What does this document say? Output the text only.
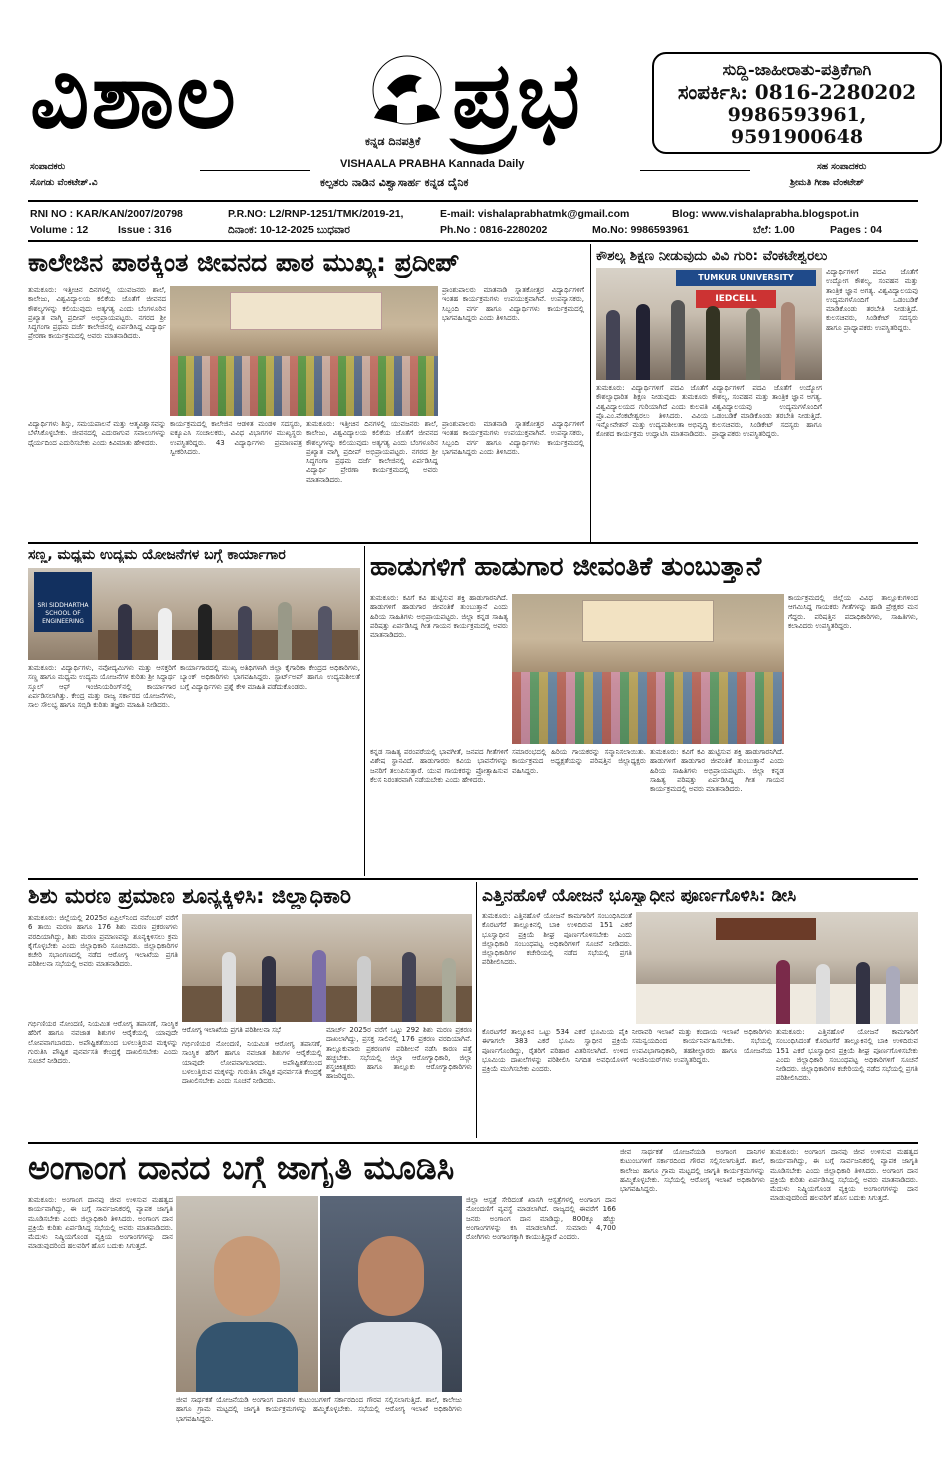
ವಿಶಾಲ ಪ್ರಭ
ಕನ್ನಡ ದಿನಪತ್ರಿಕೆ
VISHAALA PRABHA Kannada Daily
ಕಲ್ಪತರು ನಾಡಿನ ವಿಶ್ವಾಸಾರ್ಹ ಕನ್ನಡ ದೈನಿಕ
ಸುದ್ದಿ-ಜಾಹೀರಾತು-ಪತ್ರಿಕೆಗಾಗಿ
ಸಂಪರ್ಕಿಸಿ: 0816-2280202
9986593961, 9591900648
ಸಂಪಾದಕರು
ಸೊಗಡು ವೆಂಕಟೇಶ್.ವಿ
ಸಹ ಸಂಪಾದಕರು
ಶ್ರೀಮತಿ ಗೀತಾ ವೆಂಕಟೇಶ್
RNI NO : KAR/KAN/2007/20798	P.R.NO: L2/RNP-1251/TMK/2019-21,	E-mail: vishalaprabhatmk@gmail.com	Blog: www.vishalaprabha.blogspot.in
Volume : 12	Issue : 316	ದಿನಾಂಕ: 10-12-2025 ಬುಧವಾರ	Ph.No : 0816-2280202	Mo.No: 9986593961	ಬೆಲೆ: 1.00	Pages : 04
ಕಾಲೇಜಿನ ಪಾಠಕ್ಕಿಂತ ಜೀವನದ ಪಾಠ ಮುಖ್ಯ: ಪ್ರದೀಪ್
ತುಮಕೂರು: ಇತ್ತೀಚಿನ ದಿನಗಳಲ್ಲಿ ಯುವಜನರು ಶಾಲೆ, ಕಾಲೇಜು, ವಿಶ್ವವಿದ್ಯಾಲಯ ಕಲಿಕೆಯ ಜೊತೆಗೆ ಜೀವನದ ಕೌಶಲ್ಯಗಳನ್ನು ಕಲಿಯುವುದು ಅತ್ಯಗತ್ಯ ಎಂದು ಬೆಂಗಳೂರಿನ ಪ್ರಖ್ಯಾತ ವಾಗ್ಮಿ ಪ್ರದೀಪ್ ಅಭಿಪ್ರಾಯಪಟ್ಟರು. ನಗರದ ಶ್ರೀ ಸಿದ್ಧಗಂಗಾ ಪ್ರಥಮ ದರ್ಜೆ ಕಾಲೇಜಿನಲ್ಲಿ ಏರ್ಪಡಿಸಿದ್ದ ವಿದ್ಯಾರ್ಥಿ ಪ್ರೇರಣಾ ಕಾರ್ಯಕ್ರಮದಲ್ಲಿ ಅವರು ಮಾತನಾಡಿದರು.
ಪ್ರಾಂಶುಪಾಲರು ಮಾತನಾಡಿ ಸ್ನಾತಕೋತ್ತರ ವಿದ್ಯಾರ್ಥಿಗಳಿಗೆ ಇಂತಹ ಕಾರ್ಯಕ್ರಮಗಳು ಉಪಯುಕ್ತವಾಗಿವೆ. ಉಪನ್ಯಾಸಕರು, ಸಿಬ್ಬಂದಿ ವರ್ಗ ಹಾಗೂ ವಿದ್ಯಾರ್ಥಿಗಳು ಕಾರ್ಯಕ್ರಮದಲ್ಲಿ ಭಾಗವಹಿಸಿದ್ದರು ಎಂದು ತಿಳಿಸಿದರು.
ವಿದ್ಯಾರ್ಥಿಗಳು ಶಿಸ್ತು, ಸಮಯಪಾಲನೆ ಮತ್ತು ಆತ್ಮವಿಶ್ವಾಸವನ್ನು ಬೆಳೆಸಿಕೊಳ್ಳಬೇಕು. ಜೀವನದಲ್ಲಿ ಎದುರಾಗುವ ಸವಾಲುಗಳನ್ನು ಧೈರ್ಯದಿಂದ ಎದುರಿಸಬೇಕು ಎಂದು ಕಿವಿಮಾತು ಹೇಳಿದರು.
ಕಾರ್ಯಕ್ರಮದಲ್ಲಿ ಕಾಲೇಜಿನ ಆಡಳಿತ ಮಂಡಳಿ ಸದಸ್ಯರು, ಐಕ್ಯೂಎಸಿ ಸಂಚಾಲಕರು, ವಿವಿಧ ವಿಭಾಗಗಳ ಮುಖ್ಯಸ್ಥರು ಉಪಸ್ಥಿತರಿದ್ದರು. 43 ವಿದ್ಯಾರ್ಥಿಗಳು ಪ್ರಮಾಣಪತ್ರ ಸ್ವೀಕರಿಸಿದರು.
ತುಮಕೂರು: ಇತ್ತೀಚಿನ ದಿನಗಳಲ್ಲಿ ಯುವಜನರು ಶಾಲೆ, ಕಾಲೇಜು, ವಿಶ್ವವಿದ್ಯಾಲಯ ಕಲಿಕೆಯ ಜೊತೆಗೆ ಜೀವನದ ಕೌಶಲ್ಯಗಳನ್ನು ಕಲಿಯುವುದು ಅತ್ಯಗತ್ಯ ಎಂದು ಬೆಂಗಳೂರಿನ ಪ್ರಖ್ಯಾತ ವಾಗ್ಮಿ ಪ್ರದೀಪ್ ಅಭಿಪ್ರಾಯಪಟ್ಟರು. ನಗರದ ಶ್ರೀ ಸಿದ್ಧಗಂಗಾ ಪ್ರಥಮ ದರ್ಜೆ ಕಾಲೇಜಿನಲ್ಲಿ ಏರ್ಪಡಿಸಿದ್ದ ವಿದ್ಯಾರ್ಥಿ ಪ್ರೇರಣಾ ಕಾರ್ಯಕ್ರಮದಲ್ಲಿ ಅವರು ಮಾತನಾಡಿದರು.
ಪ್ರಾಂಶುಪಾಲರು ಮಾತನಾಡಿ ಸ್ನಾತಕೋತ್ತರ ವಿದ್ಯಾರ್ಥಿಗಳಿಗೆ ಇಂತಹ ಕಾರ್ಯಕ್ರಮಗಳು ಉಪಯುಕ್ತವಾಗಿವೆ. ಉಪನ್ಯಾಸಕರು, ಸಿಬ್ಬಂದಿ ವರ್ಗ ಹಾಗೂ ವಿದ್ಯಾರ್ಥಿಗಳು ಕಾರ್ಯಕ್ರಮದಲ್ಲಿ ಭಾಗವಹಿಸಿದ್ದರು ಎಂದು ತಿಳಿಸಿದರು.
ಕೌಶಲ್ಯ ಶಿಕ್ಷಣ ನೀಡುವುದು ವಿವಿ ಗುರಿ: ವೆಂಕಟೇಶ್ವರಲು
TUMKUR UNIVERSITY
IEDCELL
ವಿದ್ಯಾರ್ಥಿಗಳಿಗೆ ಪದವಿ ಜೊತೆಗೆ ಉದ್ಯೋಗ ಕೌಶಲ್ಯ, ಸಂವಹನ ಮತ್ತು ತಾಂತ್ರಿಕ ಜ್ಞಾನ ಅಗತ್ಯ. ವಿಶ್ವವಿದ್ಯಾಲಯವು ಉದ್ಯಮಗಳೊಂದಿಗೆ ಒಡಂಬಡಿಕೆ ಮಾಡಿಕೊಂಡು ತರಬೇತಿ ನೀಡುತ್ತಿದೆ. ಕುಲಸಚಿವರು, ಸಿಂಡಿಕೇಟ್ ಸದಸ್ಯರು ಹಾಗೂ ಪ್ರಾಧ್ಯಾಪಕರು ಉಪಸ್ಥಿತರಿದ್ದರು.
ತುಮಕೂರು: ವಿದ್ಯಾರ್ಥಿಗಳಿಗೆ ಪದವಿ ಜೊತೆಗೆ ಕೌಶಲ್ಯಾಧಾರಿತ ಶಿಕ್ಷಣ ನೀಡುವುದು ತುಮಕೂರು ವಿಶ್ವವಿದ್ಯಾಲಯದ ಗುರಿಯಾಗಿದೆ ಎಂದು ಕುಲಪತಿ ಪ್ರೊ.ಎಂ.ವೆಂಕಟೇಶ್ವರಲು ತಿಳಿಸಿದರು. ವಿವಿಯ ಇನ್ನೋವೇಶನ್ ಮತ್ತು ಉದ್ಯಮಶೀಲತಾ ಅಭಿವೃದ್ಧಿ ಕೋಶದ ಕಾರ್ಯಕ್ರಮ ಉದ್ಘಾಟಿಸಿ ಮಾತನಾಡಿದರು.
ವಿದ್ಯಾರ್ಥಿಗಳಿಗೆ ಪದವಿ ಜೊತೆಗೆ ಉದ್ಯೋಗ ಕೌಶಲ್ಯ, ಸಂವಹನ ಮತ್ತು ತಾಂತ್ರಿಕ ಜ್ಞಾನ ಅಗತ್ಯ. ವಿಶ್ವವಿದ್ಯಾಲಯವು ಉದ್ಯಮಗಳೊಂದಿಗೆ ಒಡಂಬಡಿಕೆ ಮಾಡಿಕೊಂಡು ತರಬೇತಿ ನೀಡುತ್ತಿದೆ. ಕುಲಸಚಿವರು, ಸಿಂಡಿಕೇಟ್ ಸದಸ್ಯರು ಹಾಗೂ ಪ್ರಾಧ್ಯಾಪಕರು ಉಪಸ್ಥಿತರಿದ್ದರು.
ಸಣ್ಣ, ಮಧ್ಯಮ ಉದ್ಯಮ ಯೋಜನೆಗಳ ಬಗ್ಗೆ ಕಾರ್ಯಾಗಾರ
SRI SIDDHARTHA SCHOOL OF ENGINEERING
ತುಮಕೂರು: ವಿದ್ಯಾರ್ಥಿಗಳು, ನವೋದ್ಯಮಿಗಳು ಮತ್ತು ಆಸಕ್ತರಿಗೆ ಸಣ್ಣ ಹಾಗೂ ಮಧ್ಯಮ ಉದ್ಯಮ ಯೋಜನೆಗಳ ಕುರಿತು ಶ್ರೀ ಸಿದ್ಧಾರ್ಥ ಸ್ಕೂಲ್ ಆಫ್ ಇಂಜಿನಿಯರಿಂಗ್‌ನಲ್ಲಿ ಕಾರ್ಯಾಗಾರ ಏರ್ಪಡಿಸಲಾಗಿತ್ತು. ಕೇಂದ್ರ ಮತ್ತು ರಾಜ್ಯ ಸರ್ಕಾರದ ಯೋಜನೆಗಳು, ಸಾಲ ಸೌಲಭ್ಯ ಹಾಗೂ ಸಬ್ಸಿಡಿ ಕುರಿತು ತಜ್ಞರು ಮಾಹಿತಿ ನೀಡಿದರು.
ಕಾರ್ಯಾಗಾರದಲ್ಲಿ ಮುಖ್ಯ ಅತಿಥಿಗಳಾಗಿ ಜಿಲ್ಲಾ ಕೈಗಾರಿಕಾ ಕೇಂದ್ರದ ಅಧಿಕಾರಿಗಳು, ಬ್ಯಾಂಕ್ ಅಧಿಕಾರಿಗಳು ಭಾಗವಹಿಸಿದ್ದರು. ಸ್ಟಾರ್ಟ್ಅಪ್ ಹಾಗೂ ಉದ್ಯಮಶೀಲತೆ ಬಗ್ಗೆ ವಿದ್ಯಾರ್ಥಿಗಳು ಪ್ರಶ್ನೆ ಕೇಳಿ ಮಾಹಿತಿ ಪಡೆದುಕೊಂಡರು.
ಹಾಡುಗಳಿಗೆ ಹಾಡುಗಾರ ಜೀವಂತಿಕೆ ತುಂಬುತ್ತಾನೆ
ತುಮಕೂರು: ಕವಿಗೆ ಕವಿ ಹುಟ್ಟಿಸುವ ಶಕ್ತಿ ಹಾಡುಗಾರನಿಗಿದೆ. ಹಾಡುಗಳಿಗೆ ಹಾಡುಗಾರ ಜೀವಂತಿಕೆ ತುಂಬುತ್ತಾನೆ ಎಂದು ಹಿರಿಯ ಸಾಹಿತಿಗಳು ಅಭಿಪ್ರಾಯಪಟ್ಟರು. ಜಿಲ್ಲಾ ಕನ್ನಡ ಸಾಹಿತ್ಯ ಪರಿಷತ್ತು ಏರ್ಪಡಿಸಿದ್ದ ಗೀತ ಗಾಯನ ಕಾರ್ಯಕ್ರಮದಲ್ಲಿ ಅವರು ಮಾತನಾಡಿದರು.
ಕಾರ್ಯಕ್ರಮದಲ್ಲಿ ಜಿಲ್ಲೆಯ ವಿವಿಧ ತಾಲ್ಲೂಕುಗಳಿಂದ ಆಗಮಿಸಿದ್ದ ಗಾಯಕರು ಗೀತೆಗಳನ್ನು ಹಾಡಿ ಪ್ರೇಕ್ಷಕರ ಮನ ಗೆದ್ದರು. ಪರಿಷತ್ತಿನ ಪದಾಧಿಕಾರಿಗಳು, ಸಾಹಿತಿಗಳು, ಕಲಾವಿದರು ಉಪಸ್ಥಿತರಿದ್ದರು.
ಕನ್ನಡ ಸಾಹಿತ್ಯ ಪರಂಪರೆಯಲ್ಲಿ ಭಾವಗೀತೆ, ಜನಪದ ಗೀತೆಗಳಿಗೆ ವಿಶೇಷ ಸ್ಥಾನವಿದೆ. ಹಾಡುಗಾರರು ಕವಿಯ ಭಾವನೆಗಳನ್ನು ಜನರಿಗೆ ತಲುಪಿಸುತ್ತಾರೆ. ಯುವ ಗಾಯಕರನ್ನು ಪ್ರೋತ್ಸಾಹಿಸುವ ಕೆಲಸ ನಿರಂತರವಾಗಿ ನಡೆಯಬೇಕು ಎಂದು ಹೇಳಿದರು.
ಸಮಾರಂಭದಲ್ಲಿ ಹಿರಿಯ ಗಾಯಕರನ್ನು ಸನ್ಮಾನಿಸಲಾಯಿತು. ಕಾರ್ಯಕ್ರಮದ ಅಧ್ಯಕ್ಷತೆಯನ್ನು ಪರಿಷತ್ತಿನ ಜಿಲ್ಲಾಧ್ಯಕ್ಷರು ವಹಿಸಿದ್ದರು.
ತುಮಕೂರು: ಕವಿಗೆ ಕವಿ ಹುಟ್ಟಿಸುವ ಶಕ್ತಿ ಹಾಡುಗಾರನಿಗಿದೆ. ಹಾಡುಗಳಿಗೆ ಹಾಡುಗಾರ ಜೀವಂತಿಕೆ ತುಂಬುತ್ತಾನೆ ಎಂದು ಹಿರಿಯ ಸಾಹಿತಿಗಳು ಅಭಿಪ್ರಾಯಪಟ್ಟರು. ಜಿಲ್ಲಾ ಕನ್ನಡ ಸಾಹಿತ್ಯ ಪರಿಷತ್ತು ಏರ್ಪಡಿಸಿದ್ದ ಗೀತ ಗಾಯನ ಕಾರ್ಯಕ್ರಮದಲ್ಲಿ ಅವರು ಮಾತನಾಡಿದರು.
ಶಿಶು ಮರಣ ಪ್ರಮಾಣ ಶೂನ್ಯಕ್ಕಿಳಿಸಿ: ಜಿಲ್ಲಾಧಿಕಾರಿ
ತುಮಕೂರು: ಜಿಲ್ಲೆಯಲ್ಲಿ 2025ರ ಏಪ್ರಿಲ್‌ನಿಂದ ನವೆಂಬರ್ ವರೆಗೆ 6 ತಾಯಿ ಮರಣ ಹಾಗೂ 176 ಶಿಶು ಮರಣ ಪ್ರಕರಣಗಳು ವರದಿಯಾಗಿದ್ದು, ಶಿಶು ಮರಣ ಪ್ರಮಾಣವನ್ನು ಶೂನ್ಯಕ್ಕಿಳಿಸಲು ಕ್ರಮ ಕೈಗೊಳ್ಳಬೇಕು ಎಂದು ಜಿಲ್ಲಾಧಿಕಾರಿ ಸೂಚಿಸಿದರು. ಜಿಲ್ಲಾಧಿಕಾರಿಗಳ ಕಚೇರಿ ಸಭಾಂಗಣದಲ್ಲಿ ನಡೆದ ಆರೋಗ್ಯ ಇಲಾಖೆಯ ಪ್ರಗತಿ ಪರಿಶೀಲನಾ ಸಭೆಯಲ್ಲಿ ಅವರು ಮಾತನಾಡಿದರು.
ಗರ್ಭಿಣಿಯರ ನೋಂದಣಿ, ನಿಯಮಿತ ಆರೋಗ್ಯ ತಪಾಸಣೆ, ಸಾಂಸ್ಥಿಕ ಹೆರಿಗೆ ಹಾಗೂ ನವಜಾತ ಶಿಶುಗಳ ಆರೈಕೆಯಲ್ಲಿ ಯಾವುದೇ ಲೋಪವಾಗಬಾರದು. ಅಪೌಷ್ಟಿಕತೆಯಿಂದ ಬಳಲುತ್ತಿರುವ ಮಕ್ಕಳನ್ನು ಗುರುತಿಸಿ ಪೌಷ್ಟಿಕ ಪುನರ್ವಸತಿ ಕೇಂದ್ರಕ್ಕೆ ದಾಖಲಿಸಬೇಕು ಎಂದು ಸೂಚನೆ ನೀಡಿದರು.
ಆರೋಗ್ಯ ಇಲಾಖೆಯ ಪ್ರಗತಿ ಪರಿಶೀಲನಾ ಸಭೆ
ಗರ್ಭಿಣಿಯರ ನೋಂದಣಿ, ನಿಯಮಿತ ಆರೋಗ್ಯ ತಪಾಸಣೆ, ಸಾಂಸ್ಥಿಕ ಹೆರಿಗೆ ಹಾಗೂ ನವಜಾತ ಶಿಶುಗಳ ಆರೈಕೆಯಲ್ಲಿ ಯಾವುದೇ ಲೋಪವಾಗಬಾರದು. ಅಪೌಷ್ಟಿಕತೆಯಿಂದ ಬಳಲುತ್ತಿರುವ ಮಕ್ಕಳನ್ನು ಗುರುತಿಸಿ ಪೌಷ್ಟಿಕ ಪುನರ್ವಸತಿ ಕೇಂದ್ರಕ್ಕೆ ದಾಖಲಿಸಬೇಕು ಎಂದು ಸೂಚನೆ ನೀಡಿದರು.
ಮಾರ್ಚ್ 2025ರ ವರೆಗೆ ಒಟ್ಟು 292 ಶಿಶು ಮರಣ ಪ್ರಕರಣ ದಾಖಲಾಗಿದ್ದು, ಪ್ರಸಕ್ತ ಸಾಲಿನಲ್ಲಿ 176 ಪ್ರಕರಣ ವರದಿಯಾಗಿವೆ. ತಾಲ್ಲೂಕುವಾರು ಪ್ರಕರಣಗಳ ಪರಿಶೀಲನೆ ನಡೆಸಿ ಕಾರಣ ಪತ್ತೆ ಹಚ್ಚಬೇಕು. ಸಭೆಯಲ್ಲಿ ಜಿಲ್ಲಾ ಆರೋಗ್ಯಾಧಿಕಾರಿ, ಜಿಲ್ಲಾ ಶಸ್ತ್ರಚಿಕಿತ್ಸಕರು ಹಾಗೂ ತಾಲ್ಲೂಕು ಆರೋಗ್ಯಾಧಿಕಾರಿಗಳು ಹಾಜರಿದ್ದರು.
ಎತ್ತಿನಹೊಳೆ ಯೋಜನೆ ಭೂಸ್ವಾಧೀನ ಪೂರ್ಣಗೊಳಿಸಿ: ಡೀಸಿ
ತುಮಕೂರು: ಎತ್ತಿನಹೊಳೆ ಯೋಜನೆ ಕಾಮಗಾರಿಗೆ ಸಂಬಂಧಿಸಿದಂತೆ ಕೊರಟಗೆರೆ ತಾಲ್ಲೂಕಿನಲ್ಲಿ ಬಾಕಿ ಉಳಿದಿರುವ 151 ಎಕರೆ ಭೂಸ್ವಾಧೀನ ಪ್ರಕ್ರಿಯೆ ಶೀಘ್ರ ಪೂರ್ಣಗೊಳಿಸಬೇಕು ಎಂದು ಜಿಲ್ಲಾಧಿಕಾರಿ ಸಂಬಂಧಪಟ್ಟ ಅಧಿಕಾರಿಗಳಿಗೆ ಸೂಚನೆ ನೀಡಿದರು. ಜಿಲ್ಲಾಧಿಕಾರಿಗಳ ಕಚೇರಿಯಲ್ಲಿ ನಡೆದ ಸಭೆಯಲ್ಲಿ ಪ್ರಗತಿ ಪರಿಶೀಲಿಸಿದರು.
ಕೊರಟಗೆರೆ ತಾಲ್ಲೂಕಿನ ಒಟ್ಟು 534 ಎಕರೆ ಭೂಮಿಯ ಪೈಕಿ ಈಗಾಗಲೇ 383 ಎಕರೆ ಭೂಮಿ ಸ್ವಾಧೀನ ಪ್ರಕ್ರಿಯೆ ಪೂರ್ಣಗೊಂಡಿದ್ದು, ರೈತರಿಗೆ ಪರಿಹಾರ ವಿತರಿಸಲಾಗಿದೆ. ಉಳಿದ ಭೂಮಿಯ ದಾಖಲೆಗಳನ್ನು ಪರಿಶೀಲಿಸಿ ನಿಗದಿತ ಅವಧಿಯೊಳಗೆ ಪ್ರಕ್ರಿಯೆ ಮುಗಿಸಬೇಕು ಎಂದರು.
ನೀರಾವರಿ ಇಲಾಖೆ ಮತ್ತು ಕಂದಾಯ ಇಲಾಖೆ ಅಧಿಕಾರಿಗಳು ಸಮನ್ವಯದಿಂದ ಕಾರ್ಯನಿರ್ವಹಿಸಬೇಕು. ಸಭೆಯಲ್ಲಿ ಉಪವಿಭಾಗಾಧಿಕಾರಿ, ತಹಶೀಲ್ದಾರರು ಹಾಗೂ ಯೋಜನೆಯ ಇಂಜಿನಿಯರ್‌ಗಳು ಉಪಸ್ಥಿತರಿದ್ದರು.
ತುಮಕೂರು: ಎತ್ತಿನಹೊಳೆ ಯೋಜನೆ ಕಾಮಗಾರಿಗೆ ಸಂಬಂಧಿಸಿದಂತೆ ಕೊರಟಗೆರೆ ತಾಲ್ಲೂಕಿನಲ್ಲಿ ಬಾಕಿ ಉಳಿದಿರುವ 151 ಎಕರೆ ಭೂಸ್ವಾಧೀನ ಪ್ರಕ್ರಿಯೆ ಶೀಘ್ರ ಪೂರ್ಣಗೊಳಿಸಬೇಕು ಎಂದು ಜಿಲ್ಲಾಧಿಕಾರಿ ಸಂಬಂಧಪಟ್ಟ ಅಧಿಕಾರಿಗಳಿಗೆ ಸೂಚನೆ ನೀಡಿದರು. ಜಿಲ್ಲಾಧಿಕಾರಿಗಳ ಕಚೇರಿಯಲ್ಲಿ ನಡೆದ ಸಭೆಯಲ್ಲಿ ಪ್ರಗತಿ ಪರಿಶೀಲಿಸಿದರು.
ಅಂಗಾಂಗ ದಾನದ ಬಗ್ಗೆ ಜಾಗೃತಿ ಮೂಡಿಸಿ
ತುಮಕೂರು: ಅಂಗಾಂಗ ದಾನವು ಜೀವ ಉಳಿಸುವ ಮಹತ್ವದ ಕಾರ್ಯವಾಗಿದ್ದು, ಈ ಬಗ್ಗೆ ಸಾರ್ವಜನಿಕರಲ್ಲಿ ವ್ಯಾಪಕ ಜಾಗೃತಿ ಮೂಡಿಸಬೇಕು ಎಂದು ಜಿಲ್ಲಾಧಿಕಾರಿ ತಿಳಿಸಿದರು. ಅಂಗಾಂಗ ದಾನ ಪ್ರಕ್ರಿಯೆ ಕುರಿತು ಏರ್ಪಡಿಸಿದ್ದ ಸಭೆಯಲ್ಲಿ ಅವರು ಮಾತನಾಡಿದರು. ಮೆದುಳು ನಿಷ್ಕ್ರಿಯಗೊಂಡ ವ್ಯಕ್ತಿಯ ಅಂಗಾಂಗಗಳನ್ನು ದಾನ ಮಾಡುವುದರಿಂದ ಹಲವರಿಗೆ ಹೊಸ ಬದುಕು ಸಿಗುತ್ತದೆ.
ಜೀವ ಸಾರ್ಥಕತೆ ಯೋಜನೆಯಡಿ ಅಂಗಾಂಗ ದಾನಿಗಳ ಕುಟುಂಬಗಳಿಗೆ ಸರ್ಕಾರದಿಂದ ಗೌರವ ಸಲ್ಲಿಸಲಾಗುತ್ತಿದೆ. ಶಾಲೆ, ಕಾಲೇಜು ಹಾಗೂ ಗ್ರಾಮ ಮಟ್ಟದಲ್ಲಿ ಜಾಗೃತಿ ಕಾರ್ಯಕ್ರಮಗಳನ್ನು ಹಮ್ಮಿಕೊಳ್ಳಬೇಕು. ಸಭೆಯಲ್ಲಿ ಆರೋಗ್ಯ ಇಲಾಖೆ ಅಧಿಕಾರಿಗಳು ಭಾಗವಹಿಸಿದ್ದರು.
ಜಿಲ್ಲಾ ಆಸ್ಪತ್ರೆ ಸೇರಿದಂತೆ ಖಾಸಗಿ ಆಸ್ಪತ್ರೆಗಳಲ್ಲಿ ಅಂಗಾಂಗ ದಾನ ನೋಂದಣಿಗೆ ವ್ಯವಸ್ಥೆ ಮಾಡಲಾಗಿದೆ. ರಾಜ್ಯದಲ್ಲಿ ಈವರೆಗೆ 166 ಜನರು ಅಂಗಾಂಗ ದಾನ ಮಾಡಿದ್ದು, 800ಕ್ಕೂ ಹೆಚ್ಚು ಅಂಗಾಂಗಗಳನ್ನು ಕಸಿ ಮಾಡಲಾಗಿದೆ. ಸುಮಾರು 4,700 ರೋಗಿಗಳು ಅಂಗಾಂಗಕ್ಕಾಗಿ ಕಾಯುತ್ತಿದ್ದಾರೆ ಎಂದರು.
ಜೀವ ಸಾರ್ಥಕತೆ ಯೋಜನೆಯಡಿ ಅಂಗಾಂಗ ದಾನಿಗಳ ಕುಟುಂಬಗಳಿಗೆ ಸರ್ಕಾರದಿಂದ ಗೌರವ ಸಲ್ಲಿಸಲಾಗುತ್ತಿದೆ. ಶಾಲೆ, ಕಾಲೇಜು ಹಾಗೂ ಗ್ರಾಮ ಮಟ್ಟದಲ್ಲಿ ಜಾಗೃತಿ ಕಾರ್ಯಕ್ರಮಗಳನ್ನು ಹಮ್ಮಿಕೊಳ್ಳಬೇಕು. ಸಭೆಯಲ್ಲಿ ಆರೋಗ್ಯ ಇಲಾಖೆ ಅಧಿಕಾರಿಗಳು ಭಾಗವಹಿಸಿದ್ದರು.
ತುಮಕೂರು: ಅಂಗಾಂಗ ದಾನವು ಜೀವ ಉಳಿಸುವ ಮಹತ್ವದ ಕಾರ್ಯವಾಗಿದ್ದು, ಈ ಬಗ್ಗೆ ಸಾರ್ವಜನಿಕರಲ್ಲಿ ವ್ಯಾಪಕ ಜಾಗೃತಿ ಮೂಡಿಸಬೇಕು ಎಂದು ಜಿಲ್ಲಾಧಿಕಾರಿ ತಿಳಿಸಿದರು. ಅಂಗಾಂಗ ದಾನ ಪ್ರಕ್ರಿಯೆ ಕುರಿತು ಏರ್ಪಡಿಸಿದ್ದ ಸಭೆಯಲ್ಲಿ ಅವರು ಮಾತನಾಡಿದರು. ಮೆದುಳು ನಿಷ್ಕ್ರಿಯಗೊಂಡ ವ್ಯಕ್ತಿಯ ಅಂಗಾಂಗಗಳನ್ನು ದಾನ ಮಾಡುವುದರಿಂದ ಹಲವರಿಗೆ ಹೊಸ ಬದುಕು ಸಿಗುತ್ತದೆ.
